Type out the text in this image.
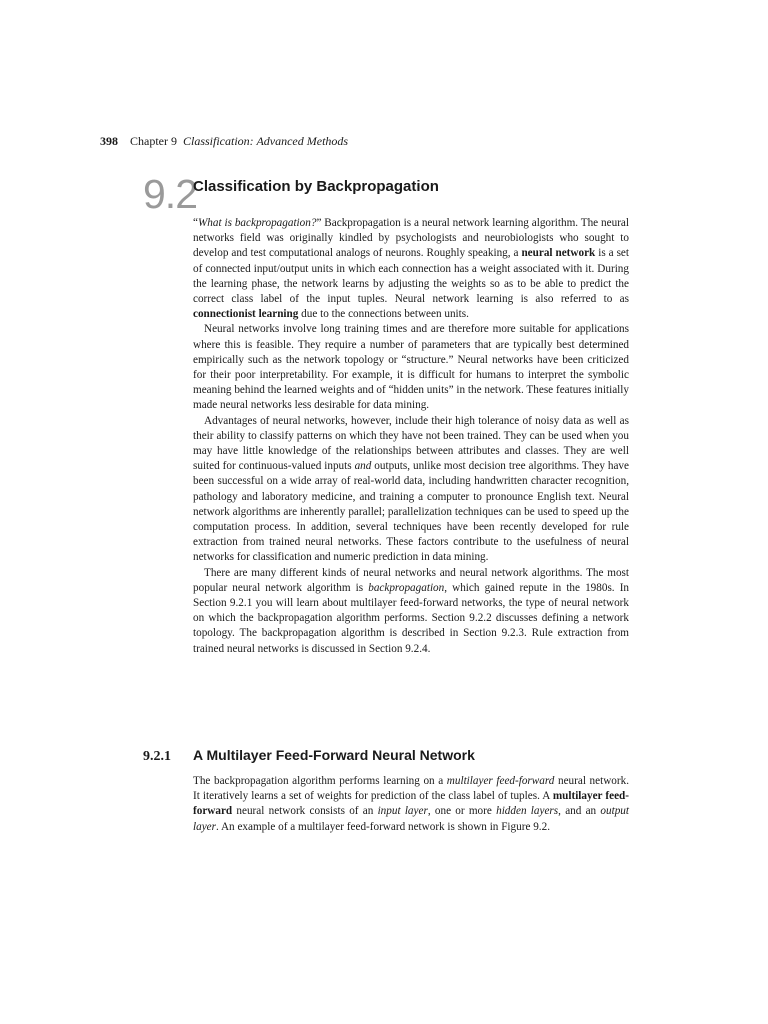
398 Chapter 9 Classification: Advanced Methods
9.2
Classification by Backpropagation

“What is backpropagation?” Backpropagation is a neural network learning algorithm. The neural networks field was originally kindled by psychologists and neurobiologists who sought to develop and test computational analogs of neurons. Roughly speaking, a neural network is a set of connected input/output units in which each connection has a weight associated with it. During the learning phase, the network learns by adjusting the weights so as to be able to predict the correct class label of the input tuples. Neural network learning is also referred to as connectionist learning due to the connections between units.

Neural networks involve long training times and are therefore more suitable for applications where this is feasible. They require a number of parameters that are typically best determined empirically such as the network topology or “structure.” Neural networks have been criticized for their poor interpretability. For example, it is difficult for humans to interpret the symbolic meaning behind the learned weights and of “hidden units” in the network. These features initially made neural networks less desirable for data mining.

Advantages of neural networks, however, include their high tolerance of noisy data as well as their ability to classify patterns on which they have not been trained. They can be used when you may have little knowledge of the relationships between attributes and classes. They are well suited for continuous-valued inputs and outputs, unlike most decision tree algorithms. They have been successful on a wide array of real-world data, including handwritten character recognition, pathology and laboratory medicine, and training a computer to pronounce English text. Neural network algorithms are inherently parallel; parallelization techniques can be used to speed up the computation process. In addition, several techniques have been recently developed for rule extraction from trained neural networks. These factors contribute to the usefulness of neural networks for classification and numeric prediction in data mining.

There are many different kinds of neural networks and neural network algorithms. The most popular neural network algorithm is backpropagation, which gained repute in the 1980s. In Section 9.2.1 you will learn about multilayer feed-forward networks, the type of neural network on which the backpropagation algorithm performs. Section 9.2.2 discusses defining a network topology. The backpropagation algorithm is described in Section 9.2.3. Rule extraction from trained neural networks is discussed in Section 9.2.4.

9.2.1 A Multilayer Feed-Forward Neural Network

The backpropagation algorithm performs learning on a multilayer feed-forward neural network. It iteratively learns a set of weights for prediction of the class label of tuples. A multilayer feed-forward neural network consists of an input layer, one or more hidden layers, and an output layer. An example of a multilayer feed-forward network is shown in Figure 9.2.
